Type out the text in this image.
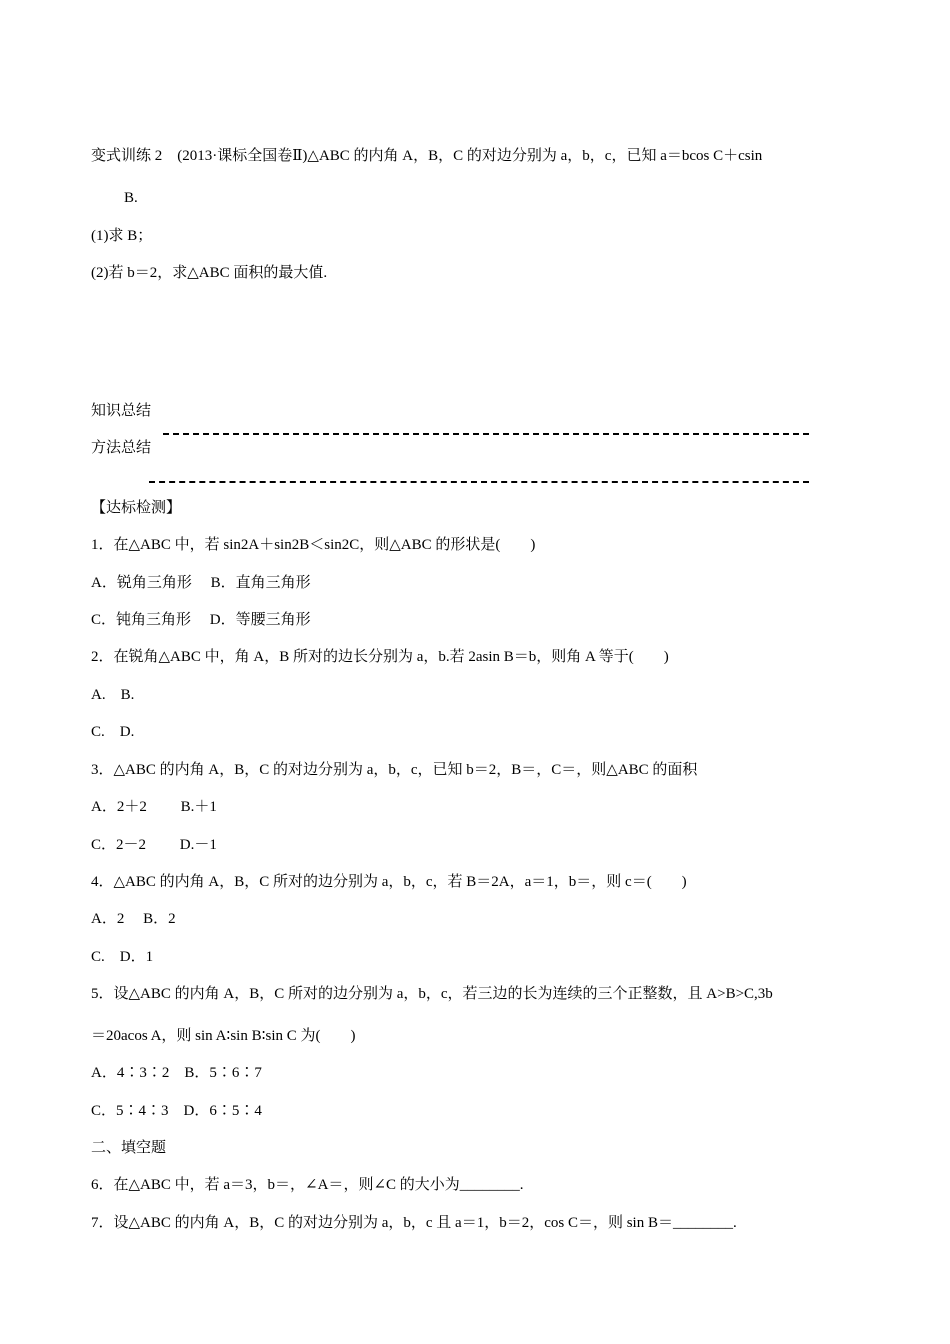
变式训练 2　(2013·课标全国卷Ⅱ)△ABC 的内角 A，B，C 的对边分别为 a，b，c，已知 a＝bcos C＋csin
B.
(1)求 B；
(2)若 b＝2，求△ABC 面积的最大值.
知识总结
方法总结
【达标检测】
1．在△ABC 中，若 sin2A＋sin2B＜sin2C，则△ABC 的形状是(　　)
A．锐角三角形　 B．直角三角形
C．钝角三角形　 D．等腰三角形
2．在锐角△ABC 中，角 A，B 所对的边长分别为 a，b.若 2asin B＝b，则角 A 等于(　　)
A.　B.
C.　D.
3．△ABC 的内角 A，B，C 的对边分别为 a，b，c，已知 b＝2，B＝，C＝，则△ABC 的面积
A．2＋2　　 B.＋1
C．2－2　　 D.－1
4．△ABC 的内角 A，B，C 所对的边分别为 a，b，c，若 B＝2A，a＝1，b＝，则 c＝(　　)
A．2　 B．2
C.　D．1
5．设△ABC 的内角 A，B，C 所对的边分别为 a，b，c，若三边的长为连续的三个正整数，且 A>B>C,3b
＝20acos A，则 sin A∶sin B∶sin C 为(　　)
A．4∶3∶2　B．5∶6∶7
C．5∶4∶3　D．6∶5∶4
二、填空题
6．在△ABC 中，若 a＝3，b＝，∠A＝，则∠C 的大小为________.
7．设△ABC 的内角 A，B，C 的对边分别为 a，b，c 且 a＝1，b＝2，cos C＝，则 sin B＝________.
